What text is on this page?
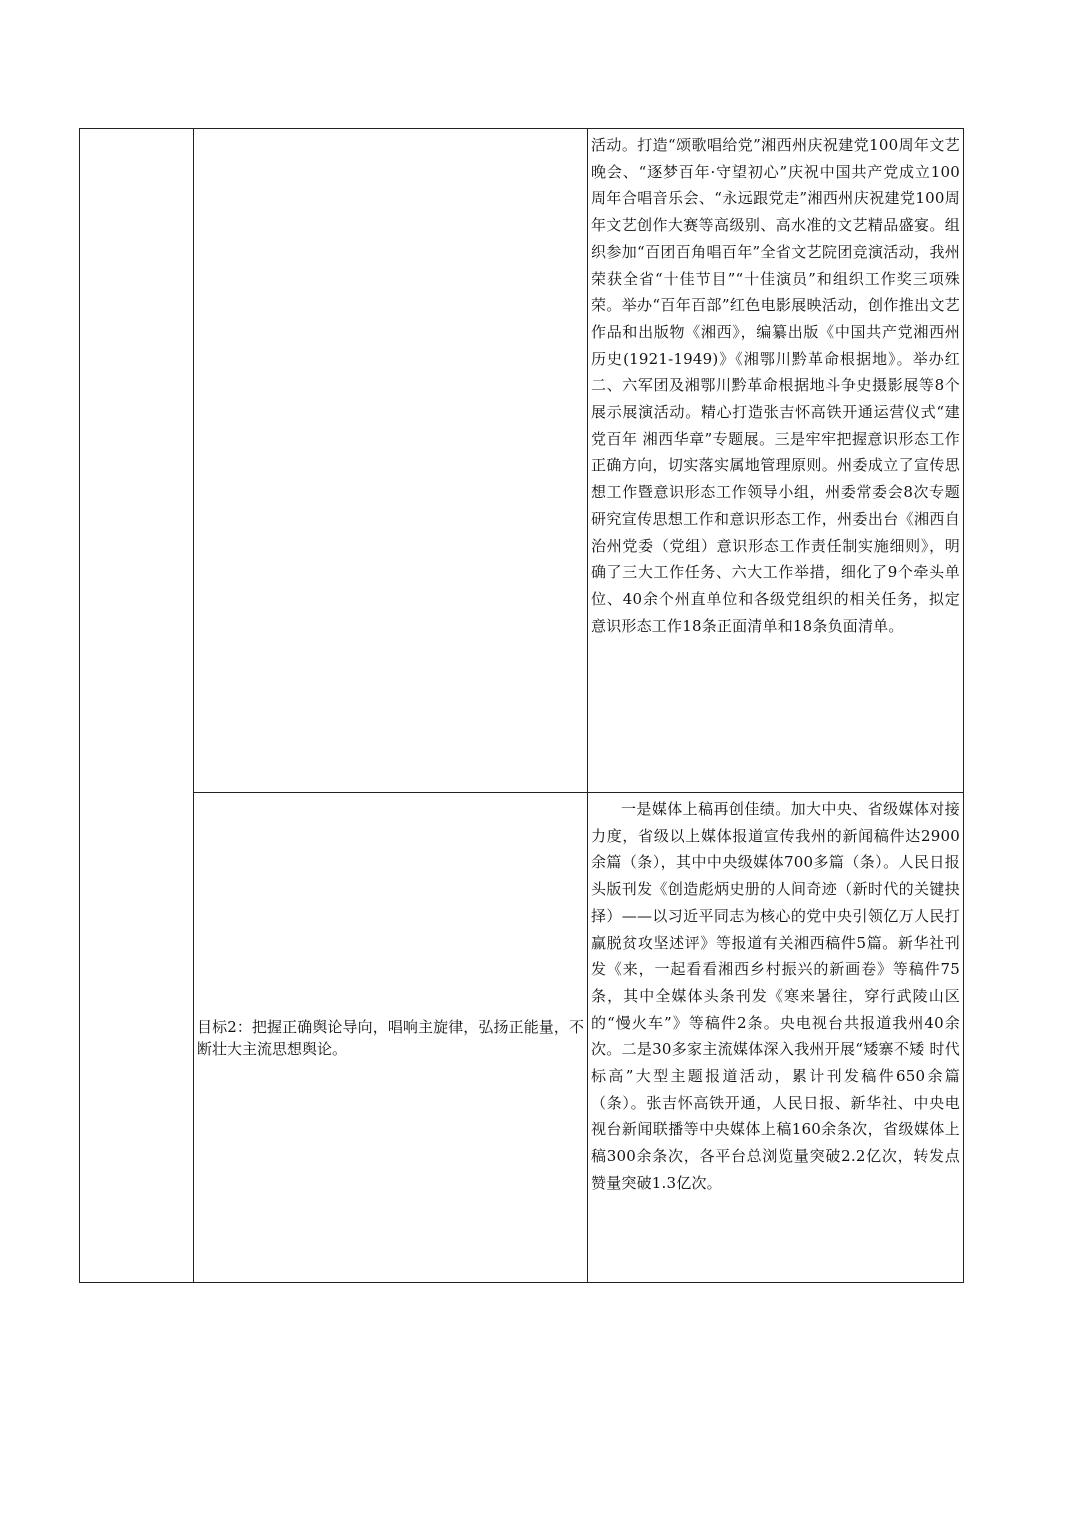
		活动。打造“颂歌唱给党”湘西州庆祝建党100周年文艺晚会、“逐梦百年·守望初心”庆祝中国共产党成立100周年合唱音乐会、“永远跟党走”湘西州庆祝建党100周年文艺创作大赛等高级别、高水准的文艺精品盛宴。组织参加“百团百角唱百年”全省文艺院团竞演活动，我州荣获全省“十佳节目”“十佳演员”和组织工作奖三项殊荣。举办“百年百部”红色电影展映活动，创作推出文艺作品和出版物《湘西》，编纂出版《中国共产党湘西州历史(1921-1949)》《湘鄂川黔革命根据地》。举办红二、六军团及湘鄂川黔革命根据地斗争史摄影展等8个展示展演活动。精心打造张吉怀高铁开通运营仪式“建党百年 湘西华章”专题展。三是牢牢把握意识形态工作正确方向，切实落实属地管理原则。州委成立了宣传思想工作暨意识形态工作领导小组，州委常委会8次专题研究宣传思想工作和意识形态工作，州委出台《湘西自治州党委（党组）意识形态工作责任制实施细则》，明确了三大工作任务、六大工作举措，细化了9个牵头单位、40余个州直单位和各级党组织的相关任务，拟定意识形态工作18条正面清单和18条负面清单。

	目标2：把握正确舆论导向，唱响主旋律，弘扬正能量，不断壮大主流思想舆论。	一是媒体上稿再创佳绩。加大中央、省级媒体对接力度，省级以上媒体报道宣传我州的新闻稿件达2900余篇（条），其中中央级媒体700多篇（条）。人民日报头版刊发《创造彪炳史册的人间奇迹（新时代的关键抉择）——以习近平同志为核心的党中央引领亿万人民打赢脱贫攻坚述评》等报道有关湘西稿件5篇。新华社刊发《来，一起看看湘西乡村振兴的新画卷》等稿件75条，其中全媒体头条刊发《寒来暑往，穿行武陵山区的“慢火车”》等稿件2条。央电视台共报道我州40余次。二是30多家主流媒体深入我州开展“矮寨不矮 时代标高”大型主题报道活动，累计刊发稿件650余篇（条）。张吉怀高铁开通，人民日报、新华社、中央电视台新闻联播等中央媒体上稿160余条次，省级媒体上稿300余条次，各平台总浏览量突破2.2亿次，转发点赞量突破1.3亿次。
